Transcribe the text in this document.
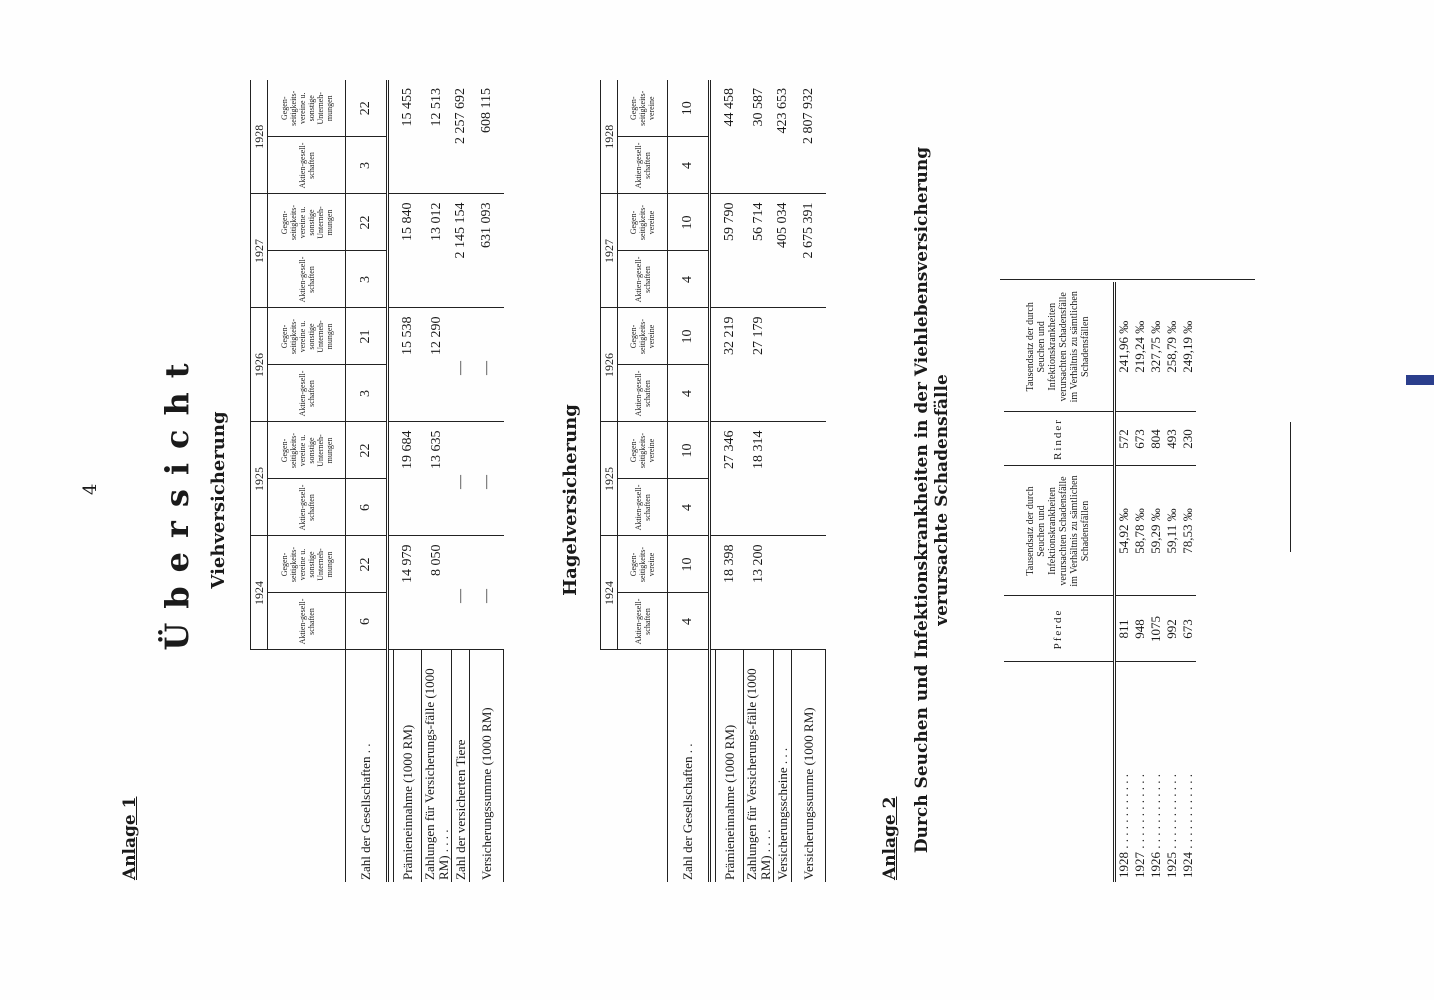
4
Anlage 1
Übersicht Viehversicherung
	1924		1925		1926		1927		1928	
	Aktien-gesell-schaften	Gegen-seitigkeits-vereine u. sonstige Unterneh-mungen	Aktien-gesell-schaften	Gegen-seitigkeits-vereine u. sonstige Unterneh-mungen	Aktien-gesell-schaften	Gegen-seitigkeits-vereine u. sonstige Unterneh-mungen	Aktien-gesell-schaften	Gegen-seitigkeits-vereine u. sonstige Unterneh-mungen	Aktien-gesell-schaften	Gegen-seitigkeits-vereine u. sonstige Unterneh-mungen
Zahl der Gesellschaften . .	6	22	6	22	3	21	3	22	3	22

Prämieneinnahme (1000 RM)	14 979		19 684		15 538		15 840		15 455	
Zahlungen für Versicherungs-fälle (1000 RM) . . . .	8 050		13 635		12 290		13 012		12 513	
Zahl der versicherten Tiere	—		—		—		2 145 154		2 257 692	
Versicherungssumme (1000 RM)	—		—		—		631 093		608 115	
Hagelversicherung
	1924		1925		1926		1927		1928	
	Aktien-gesell-schaften	Gegen-seitigkeits-vereine	Aktien-gesell-schaften	Gegen-seitigkeits-vereine	Aktien-gesell-schaften	Gegen-seitigkeits-vereine	Aktien-gesell-schaften	Gegen-seitigkeits-vereine	Aktien-gesell-schaften	Gegen-seitigkeits-vereine
Zahl der Gesellschaften . .	4	10	4	10	4	10	4	10	4	10

Prämieneinnahme (1000 RM)	18 398		27 346		32 219		59 790		44 458	
Zahlungen für Versicherungs-fälle (1000 RM) . . . .	13 200		18 314		27 179		56 714		30 587	
Versicherungsscheine . . .							405 034		423 653	
Versicherungssumme (1000 RM)							2 675 391		2 807 932	
Anlage 2 Durch Seuchen und Infektionskrankheiten in der Viehlebensversicherung verursachte Schadensfälle
	Pferde	Tausendsatz der durch Seuchen und Infektionskrankheiten verursachten Schadensfälle im Verhältnis zu sämtlichen Schadensfällen	Rinder	Tausendsatz der durch Seuchen und Infektionskrankheiten verursachten Schadensfälle im Verhältnis zu sämtlichen Schadensfällen
1928 . . . . . . . . . . . .	811	54,92 ‰	572	241,96 ‰
1927 . . . . . . . . . . . .	948	58,78 ‰	673	219,24 ‰
1926 . . . . . . . . . . . .	1075	59,29 ‰	804	327,75 ‰
1925 . . . . . . . . . . . .	992	59,11 ‰	493	258,79 ‰
1924 . . . . . . . . . . . .	673	78,53 ‰	230	249,19 ‰
